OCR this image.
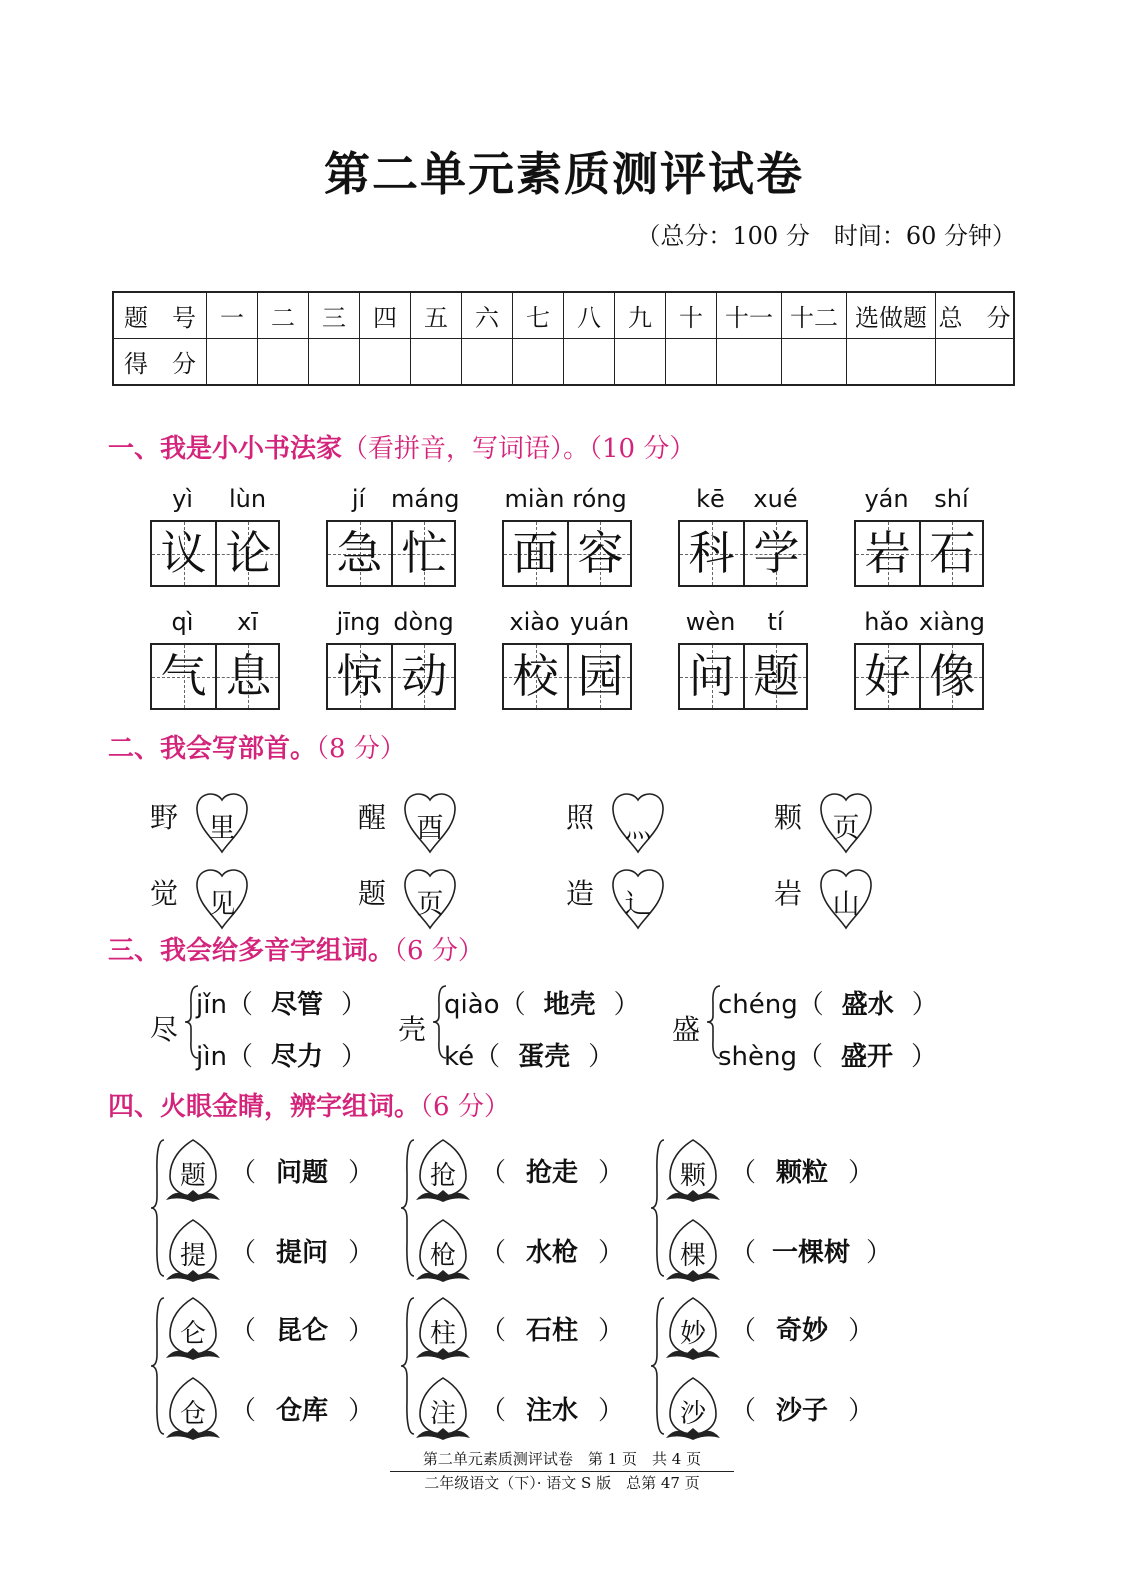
第二单元素质测评试卷
（总分：100 分　时间：60 分钟）
题　号	一	二	三	四	五	六	七	八	九	十	十一	十二	选做题	总　分
得　分														
一、我是小小书法家（看拼音，写词语）。（10 分）
yì	lùn
议 论
jí	máng
急 忙
miàn róng
面 容
kē	xué
科 学
yán	shí
岩 石
qì	xī
气 息
jīng dòng
惊 动
xiào yuán
校 园
wèn	tí
问 题
hǎo xiàng
好 像
二、我会写部首。（8 分）
野	里	醒	酉	照	灬	颗	页
觉	见	题	页	造	辶	岩	山
三、我会给多音字组词。（6 分）
尽
jǐn（ 尽管 ）
jìn（ 尽力 ）
壳
qiào（ 地壳 ）
ké（ 蛋壳 ）
盛
chéng（ 盛水 ）
shèng（ 盛开 ）
四、火眼金睛，辨字组词。（6 分）
题 （ 问题 ）
提 （ 提问 ）
抢 （ 抢走 ）
枪 （ 水枪 ）
颗 （ 颗粒 ）
棵 （ 一棵树 ）
仑 （ 昆仑 ）
仓 （ 仓库 ）
柱 （ 石柱 ）
注 （ 注水 ）
妙 （ 奇妙 ）
沙 （ 沙子 ）
第二单元素质测评试卷　第 1 页　共 4 页
二年级语文（下）· 语文 S 版　总第 47 页
